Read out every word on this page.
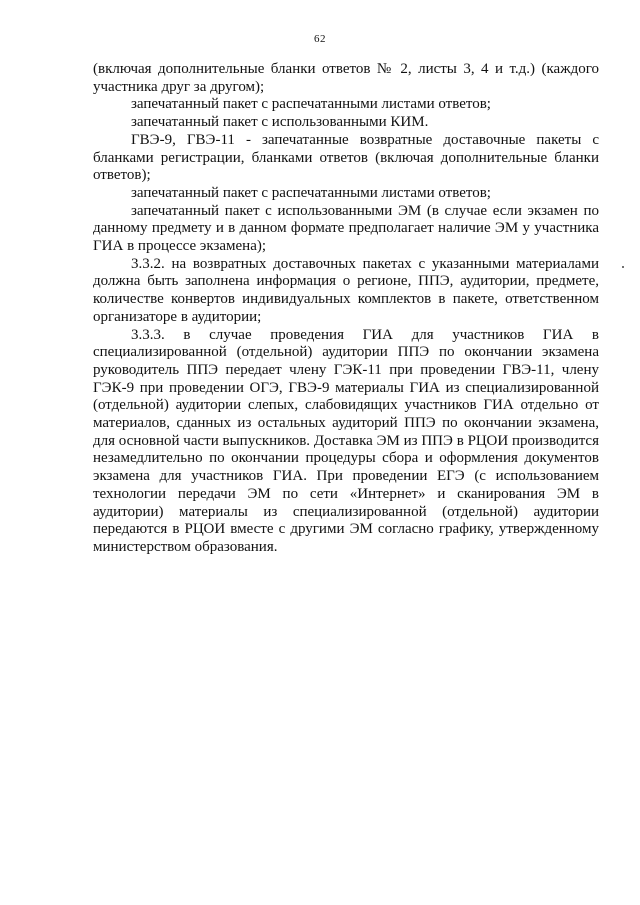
62

(включая дополнительные бланки ответов № 2, листы 3, 4 и т.д.) (каждого участника друг за другом);

запечатанный пакет с распечатанными листами ответов;

запечатанный пакет с использованными КИМ.

ГВЭ-9, ГВЭ-11 - запечатанные возвратные доставочные пакеты с бланками регистрации, бланками ответов (включая дополнительные бланки ответов);

запечатанный пакет с распечатанными листами ответов;

запечатанный пакет с использованными ЭМ (в случае если экзамен по данному предмету и в данном формате предполагает наличие ЭМ у участника ГИА в процессе экзамена);

3.3.2. на возвратных доставочных пакетах с указанными материалами должна быть заполнена информация о регионе, ППЭ, аудитории, предмете, количестве конвертов индивидуальных комплектов в пакете, ответственном организаторе в аудитории;

3.3.3. в случае проведения ГИА для участников ГИА в специализированной (отдельной) аудитории ППЭ по окончании экзамена руководитель ППЭ передает члену ГЭК-11 при проведении ГВЭ-11, члену ГЭК-9 при проведении ОГЭ, ГВЭ-9 материалы ГИА из специализированной (отдельной) аудитории слепых, слабовидящих участников ГИА отдельно от материалов, сданных из остальных аудиторий ППЭ по окончании экзамена, для основной части выпускников. Доставка ЭМ из ППЭ в РЦОИ производится незамедлительно по окончании процедуры сбора и оформления документов экзамена для участников ГИА. При проведении ЕГЭ (с использованием технологии передачи ЭМ по сети «Интернет» и сканирования ЭМ в аудитории) материалы из специализированной (отдельной) аудитории передаются в РЦОИ вместе с другими ЭМ согласно графику, утвержденному министерством образования.
